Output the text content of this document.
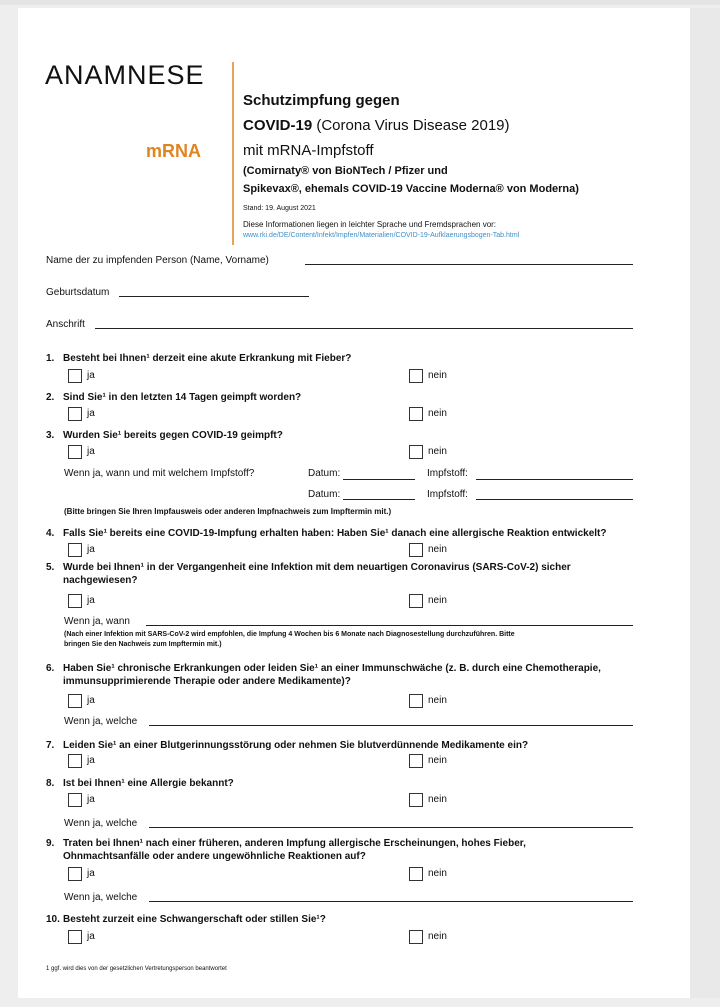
ANAMNESE
mRNA
Schutzimpfung gegen
COVID-19 (Corona Virus Disease 2019)
mit mRNA-Impfstoff
(Comirnaty® von BioNTech / Pfizer und
Spikevax®, ehemals COVID-19 Vaccine Moderna® von Moderna)
Stand: 19. August 2021
Diese Informationen liegen in leichter Sprache und Fremdsprachen vor:
www.rki.de/DE/Content/Infekt/Impfen/Materialien/COVID-19-Aufklaerungsbogen-Tab.html
Name der zu impfenden Person (Name, Vorname)
Geburtsdatum
Anschrift
1. Besteht bei Ihnen¹ derzeit eine akute Erkrankung mit Fieber?
ja	nein
2. Sind Sie¹ in den letzten 14 Tagen geimpft worden?
ja	nein
3. Wurden Sie¹ bereits gegen COVID-19 geimpft?
ja	nein
Wenn ja, wann und mit welchem Impfstoff?	Datum:	Impfstoff:
Datum:	Impfstoff:
(Bitte bringen Sie Ihren Impfausweis oder anderen Impfnachweis zum Impftermin mit.)
4. Falls Sie¹ bereits eine COVID-19-Impfung erhalten haben: Haben Sie¹ danach eine allergische Reaktion entwickelt?
ja	nein
5. Wurde bei Ihnen¹ in der Vergangenheit eine Infektion mit dem neuartigen Coronavirus (SARS-CoV-2) sicher
nachgewiesen?
ja	nein
Wenn ja, wann
(Nach einer Infektion mit SARS-CoV-2 wird empfohlen, die Impfung 4 Wochen bis 6 Monate nach Diagnosestellung durchzuführen. Bitte
bringen Sie den Nachweis zum Impftermin mit.)
6. Haben Sie¹ chronische Erkrankungen oder leiden Sie¹ an einer Immunschwäche (z. B. durch eine Chemotherapie,
immunsupprimierende Therapie oder andere Medikamente)?
ja	nein
Wenn ja, welche
7. Leiden Sie¹ an einer Blutgerinnungsstörung oder nehmen Sie blutverdünnende Medikamente ein?
ja	nein
8. Ist bei Ihnen¹ eine Allergie bekannt?
ja	nein
Wenn ja, welche
9. Traten bei Ihnen¹ nach einer früheren, anderen Impfung allergische Erscheinungen, hohes Fieber,
Ohnmachtsanfälle oder andere ungewöhnliche Reaktionen auf?
ja	nein
Wenn ja, welche
10. Besteht zurzeit eine Schwangerschaft oder stillen Sie¹?
ja	nein
1 ggf. wird dies von der gesetzlichen Vertretungsperson beantwortet
